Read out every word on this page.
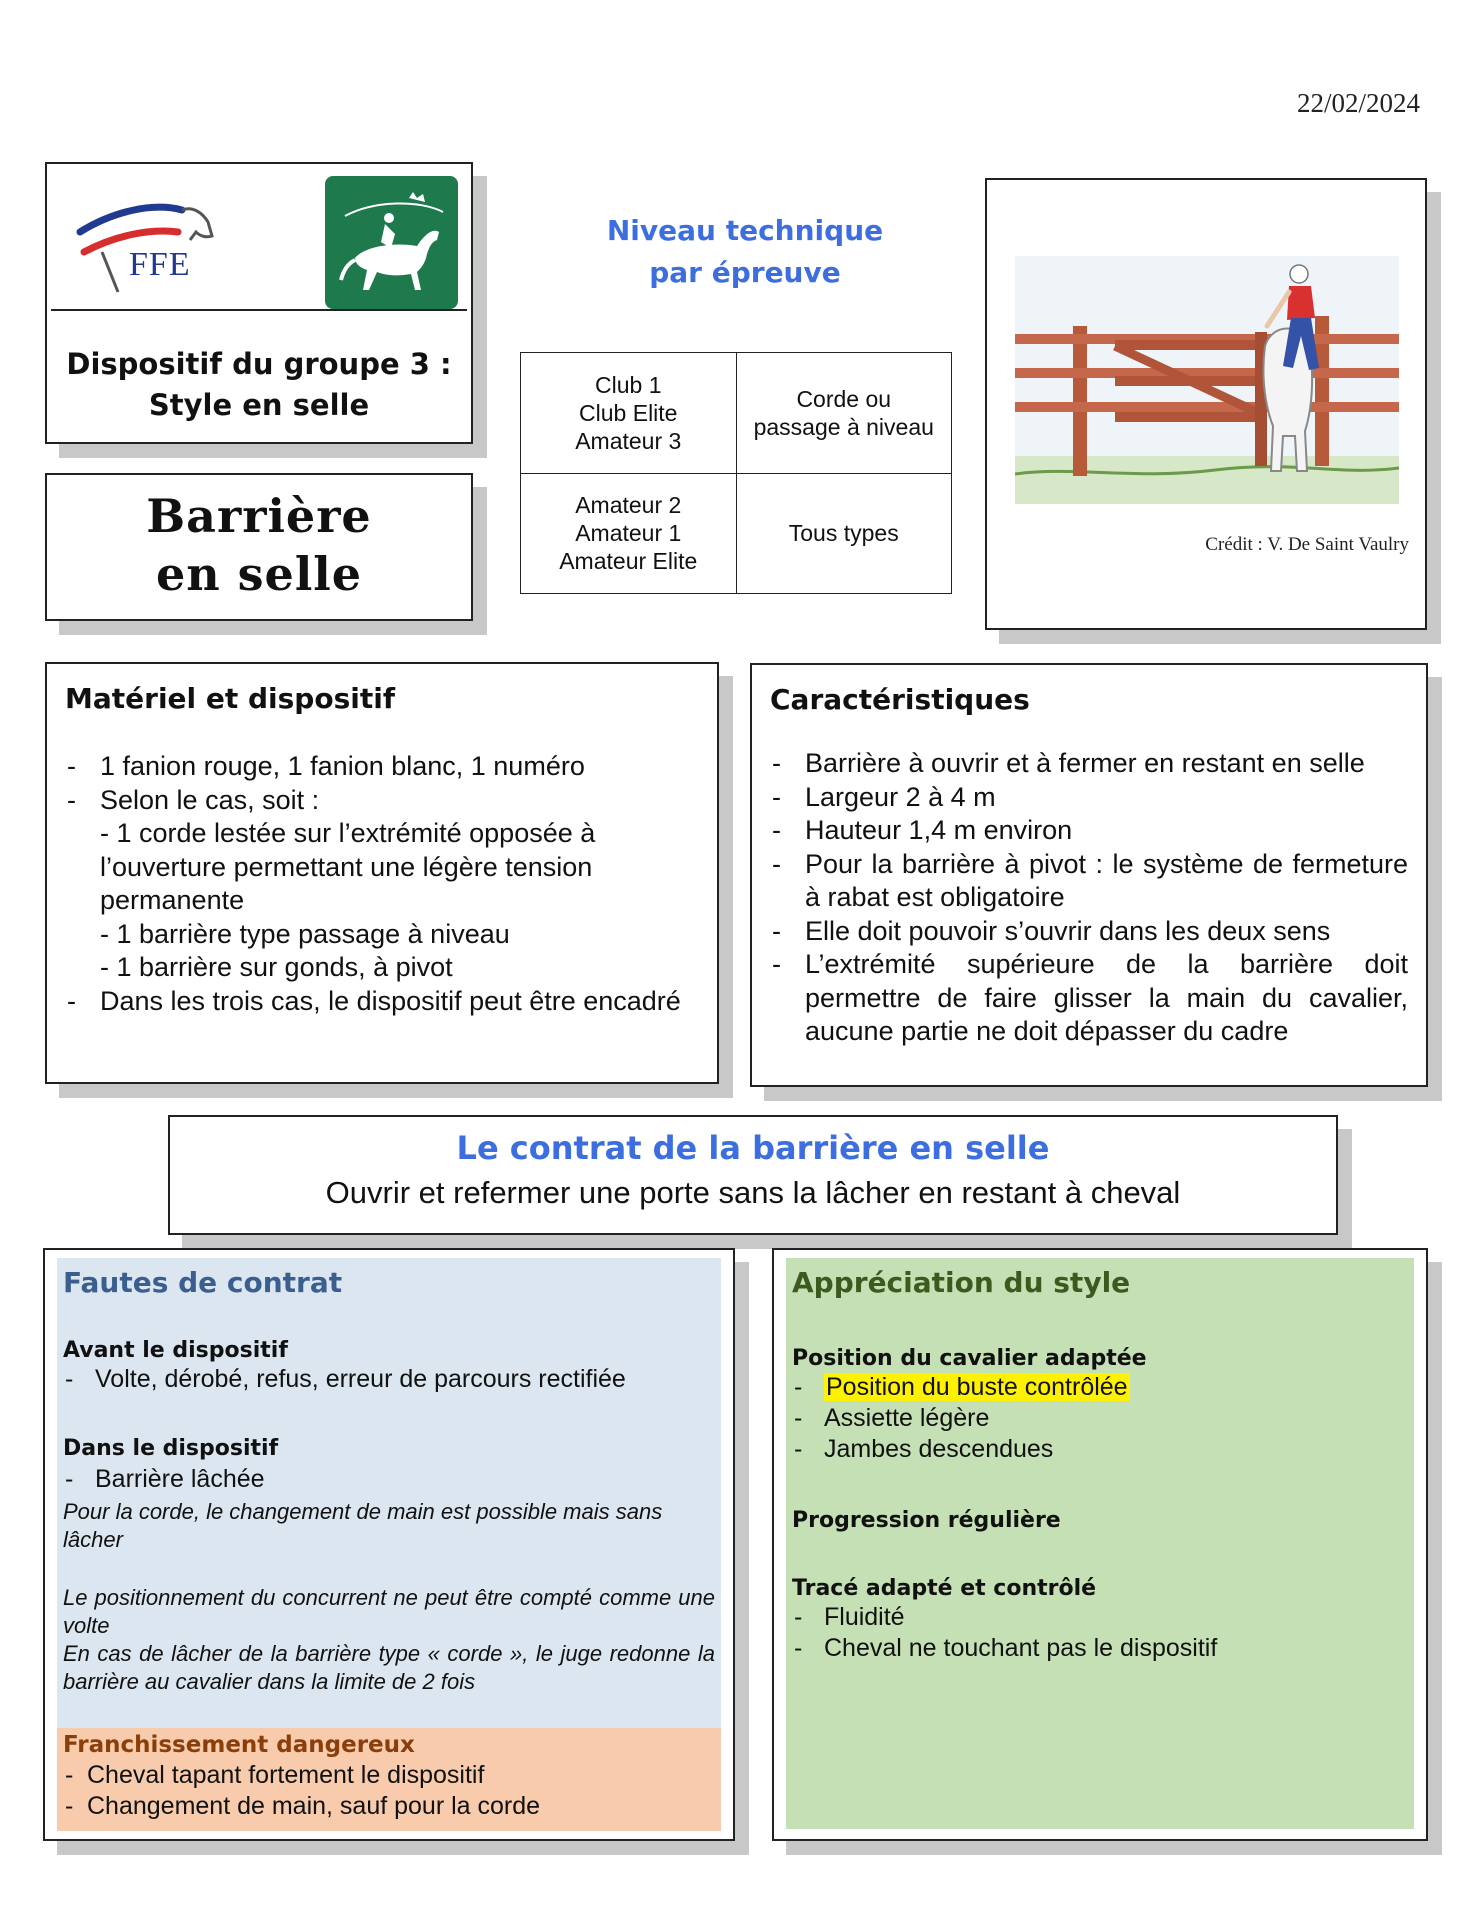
22/02/2024
FFE
Dispositif du groupe 3 :
Style en selle
Barrière
en selle
Niveau technique
par épreuve
Club 1
Club Elite
Amateur 3	Corde ou passage à niveau

Amateur 2
Amateur 1
Amateur Elite	Tous types	Crédit : V. De Saint Vaulry
Matériel et dispositif
- 1 fanion rouge, 1 fanion blanc, 1 numéro
- Selon le cas, soit :
- 1 corde lestée sur l’extrémité opposée à l’ouverture permettant une légère tension permanente
- 1 barrière type passage à niveau
- 1 barrière sur gonds, à pivot
- Dans les trois cas, le dispositif peut être encadré
Caractéristiques
- Barrière à ouvrir et à fermer en restant en selle
- Largeur 2 à 4 m
- Hauteur 1,4 m environ
- Pour la barrière à pivot : le système de fermeture à rabat est obligatoire
- Elle doit pouvoir s’ouvrir dans les deux sens
- L’extrémité supérieure de la barrière doit permettre de faire glisser la main du cavalier, aucune partie ne doit dépasser du cadre
Le contrat de la barrière en selle
Ouvrir et refermer une porte sans la lâcher en restant à cheval
Fautes de contrat
Avant le dispositif
- Volte, dérobé, refus, erreur de parcours rectifiée
Dans le dispositif
- Barrière lâchée
Pour la corde, le changement de main est possible mais sans lâcher
Le positionnement du concurrent ne peut être compté comme une volte
En cas de lâcher de la barrière type « corde », le juge redonne la barrière au cavalier dans la limite de 2 fois
Franchissement dangereux
- Cheval tapant fortement le dispositif
- Changement de main, sauf pour la corde
Appréciation du style
Position du cavalier adaptée
- Position du buste contrôlée
- Assiette légère
- Jambes descendues
Progression régulière
Tracé adapté et contrôlé
- Fluidité
- Cheval ne touchant pas le dispositif
